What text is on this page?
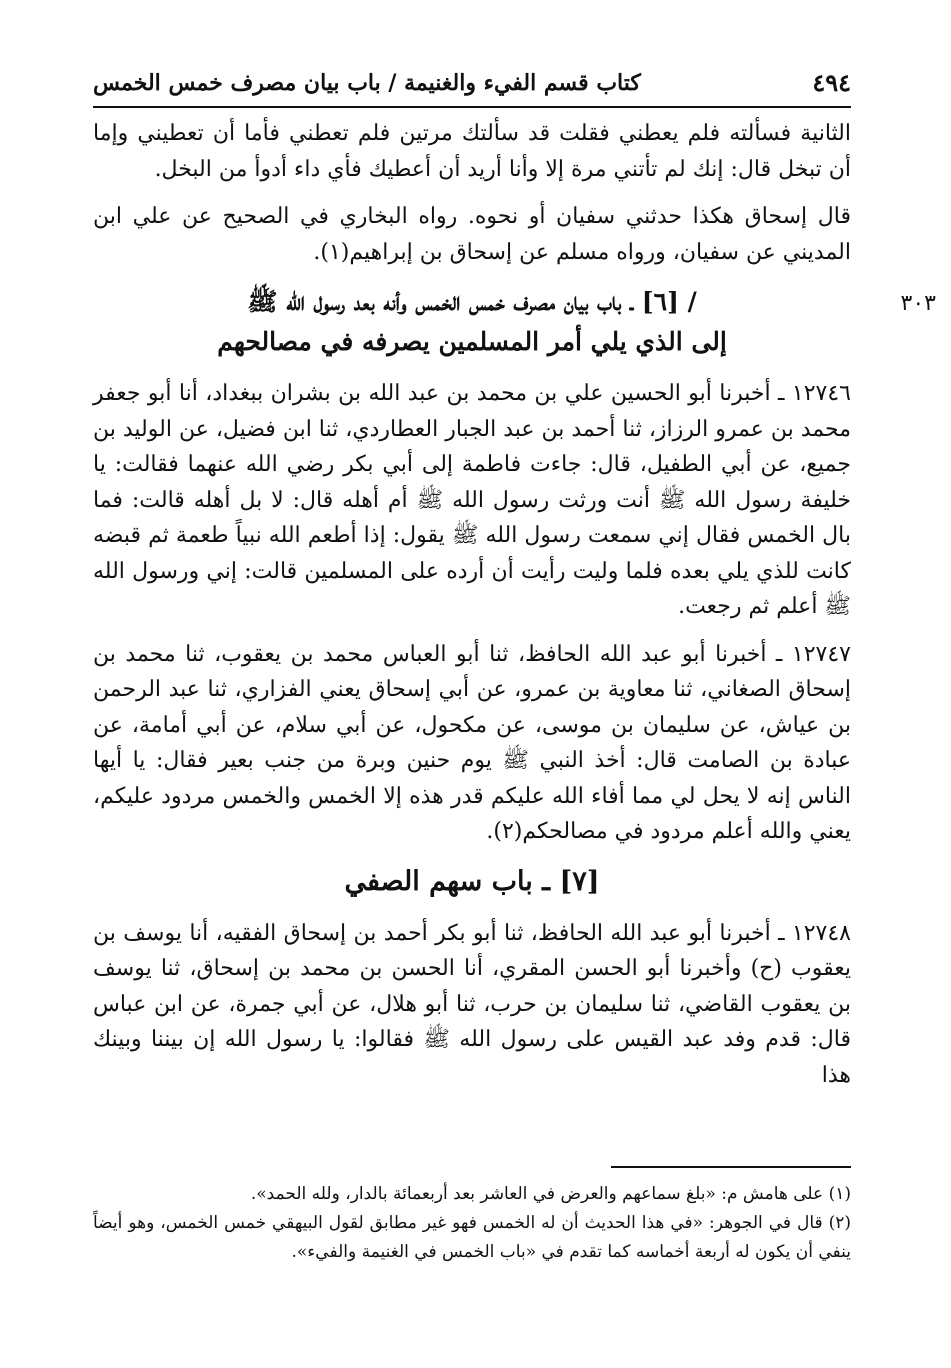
٤٩٤
كتاب قسم الفيء والغنيمة / باب بيان مصرف خمس الخمس

الثانية فسألته فلم يعطني فقلت قد سألتك مرتين فلم تعطني فأما أن تعطيني وإما أن تبخل قال: إنك لم تأتني مرة إلا وأنا أريد أن أعطيك فأي داء أدوأ من البخل.

قال إسحاق هكذا حدثني سفيان أو نحوه. رواه البخاري في الصحيح عن علي ابن المديني عن سفيان، ورواه مسلم عن إسحاق بن إبراهيم(١).

٣٠٣
/ [٦] ـ باب بيان مصرف خمس الخمس وأنه بعد رسول الله ﷺ
إلى الذي يلي أمر المسلمين يصرفه في مصالحهم

١٢٧٤٦ ـ أخبرنا أبو الحسين علي بن محمد بن عبد الله بن بشران ببغداد، أنا أبو جعفر محمد بن عمرو الرزاز، ثنا أحمد بن عبد الجبار العطاردي، ثنا ابن فضيل، عن الوليد بن جميع، عن أبي الطفيل، قال: جاءت فاطمة إلى أبي بكر رضي الله عنهما فقالت: يا خليفة رسول الله ﷺ أنت ورثت رسول الله ﷺ أم أهله قال: لا بل أهله قالت: فما بال الخمس فقال إني سمعت رسول الله ﷺ يقول: إذا أطعم الله نبياً طعمة ثم قبضه كانت للذي يلي بعده فلما وليت رأيت أن أرده على المسلمين قالت: إني ورسول الله ﷺ أعلم ثم رجعت.

١٢٧٤٧ ـ أخبرنا أبو عبد الله الحافظ، ثنا أبو العباس محمد بن يعقوب، ثنا محمد بن إسحاق الصغاني، ثنا معاوية بن عمرو، عن أبي إسحاق يعني الفزاري، ثنا عبد الرحمن بن عياش، عن سليمان بن موسى، عن مكحول، عن أبي سلام، عن أبي أمامة، عن عبادة بن الصامت قال: أخذ النبي ﷺ يوم حنين وبرة من جنب بعير فقال: يا أيها الناس إنه لا يحل لي مما أفاء الله عليكم قدر هذه إلا الخمس والخمس مردود عليكم، يعني والله أعلم مردود في مصالحكم(٢).

[٧] ـ باب سهم الصفي

١٢٧٤٨ ـ أخبرنا أبو عبد الله الحافظ، ثنا أبو بكر أحمد بن إسحاق الفقيه، أنا يوسف بن يعقوب (ح) وأخبرنا أبو الحسن المقري، أنا الحسن بن محمد بن إسحاق، ثنا يوسف بن يعقوب القاضي، ثنا سليمان بن حرب، ثنا أبو هلال، عن أبي جمرة، عن ابن عباس قال: قدم وفد عبد القيس على رسول الله ﷺ فقالوا: يا رسول الله إن بيننا وبينك هذا

(١) على هامش م: «بلغ سماعهم والعرض في العاشر بعد أربعمائة بالدار، ولله الحمد».

(٢) قال في الجوهر: «في هذا الحديث أن له الخمس فهو غير مطابق لقول البيهقي خمس الخمس، وهو أيضاً ينفي أن يكون له أربعة أخماسه كما تقدم في «باب الخمس في الغنيمة والفيء».
